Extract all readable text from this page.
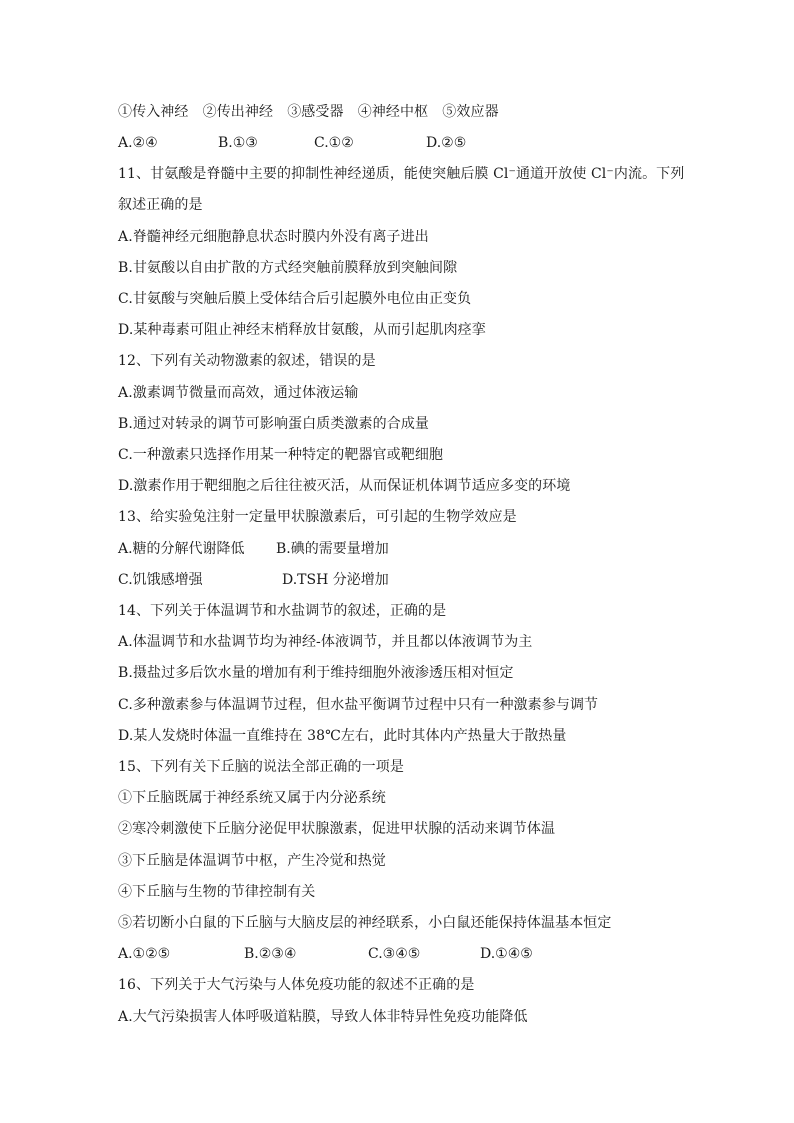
①传入神经　②传出神经　③感受器　④神经中枢　⑤效应器
A.②④	B.①③	C.①②	D.②⑤
11、甘氨酸是脊髓中主要的抑制性神经递质，能使突触后膜 Cl⁻通道开放使 Cl⁻内流。下列
叙述正确的是
A.脊髓神经元细胞静息状态时膜内外没有离子进出
B.甘氨酸以自由扩散的方式经突触前膜释放到突触间隙
C.甘氨酸与突触后膜上受体结合后引起膜外电位由正变负
D.某种毒素可阻止神经末梢释放甘氨酸，从而引起肌肉痉挛
12、下列有关动物激素的叙述，错误的是
A.激素调节微量而高效，通过体液运输
B.通过对转录的调节可影响蛋白质类激素的合成量
C.一种激素只选择作用某一种特定的靶器官或靶细胞
D.激素作用于靶细胞之后往往被灭活，从而保证机体调节适应多变的环境
13、给实验兔注射一定量甲状腺激素后，可引起的生物学效应是
A.糖的分解代谢降低 B.碘的需要量增加
C.饥饿感增强	D.TSH 分泌增加
14、下列关于体温调节和水盐调节的叙述，正确的是
A.体温调节和水盐调节均为神经-体液调节，并且都以体液调节为主
B.摄盐过多后饮水量的增加有利于维持细胞外液渗透压相对恒定
C.多种激素参与体温调节过程，但水盐平衡调节过程中只有一种激素参与调节
D.某人发烧时体温一直维持在 38℃左右，此时其体内产热量大于散热量
15、下列有关下丘脑的说法全部正确的一项是
①下丘脑既属于神经系统又属于内分泌系统
②寒冷刺激使下丘脑分泌促甲状腺激素，促进甲状腺的活动来调节体温
③下丘脑是体温调节中枢，产生冷觉和热觉
④下丘脑与生物的节律控制有关
⑤若切断小白鼠的下丘脑与大脑皮层的神经联系，小白鼠还能保持体温基本恒定
A.①②⑤	B.②③④	C.③④⑤	D.①④⑤
16、下列关于大气污染与人体免疫功能的叙述不正确的是
A.大气污染损害人体呼吸道粘膜，导致人体非特异性免疫功能降低
